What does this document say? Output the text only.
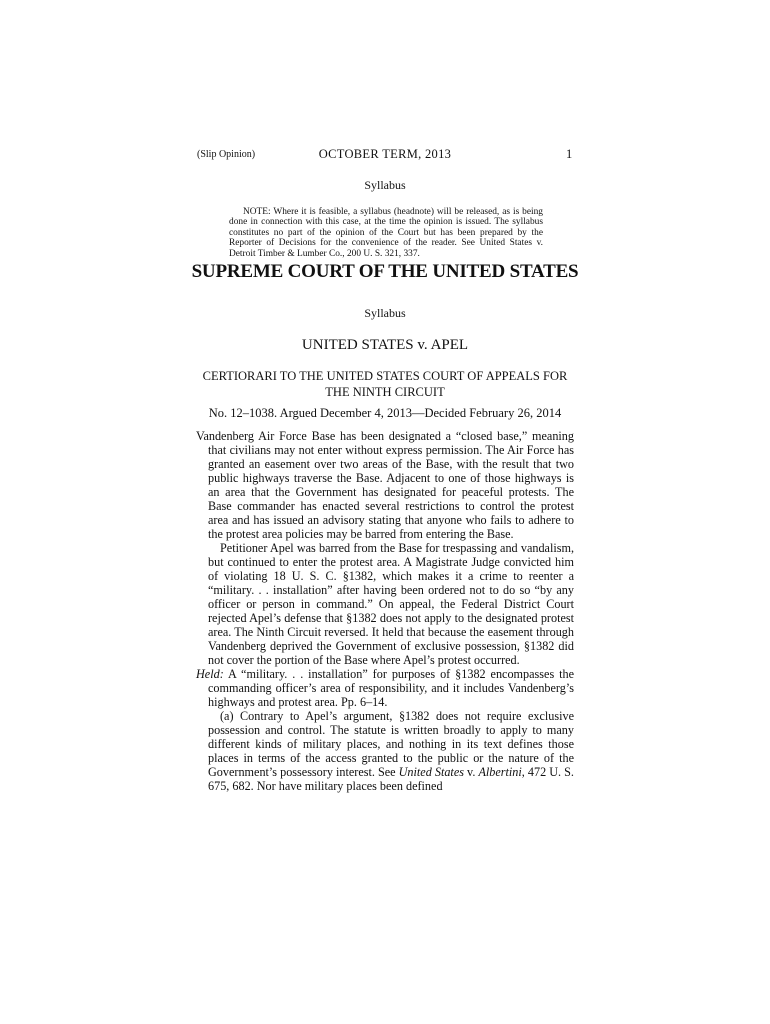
(Slip Opinion)	OCTOBER TERM, 2013	1
Syllabus
NOTE: Where it is feasible, a syllabus (headnote) will be released, as is being done in connection with this case, at the time the opinion is issued. The syllabus constitutes no part of the opinion of the Court but has been prepared by the Reporter of Decisions for the convenience of the reader. See United States v. Detroit Timber & Lumber Co., 200 U. S. 321, 337.
SUPREME COURT OF THE UNITED STATES
Syllabus
UNITED STATES v. APEL
CERTIORARI TO THE UNITED STATES COURT OF APPEALS FOR THE NINTH CIRCUIT
No. 12–1038. Argued December 4, 2013—Decided February 26, 2014

Vandenberg Air Force Base has been designated a “closed base,” meaning that civilians may not enter without express permission. The Air Force has granted an easement over two areas of the Base, with the result that two public highways traverse the Base. Adjacent to one of those highways is an area that the Government has designated for peaceful protests. The Base commander has enacted several restrictions to control the protest area and has issued an advisory stating that anyone who fails to adhere to the protest area policies may be barred from entering the Base.

Petitioner Apel was barred from the Base for trespassing and vandalism, but continued to enter the protest area. A Magistrate Judge convicted him of violating 18 U. S. C. §1382, which makes it a crime to reenter a “military. . . installation” after having been ordered not to do so “by any officer or person in command.” On appeal, the Federal District Court rejected Apel’s defense that §1382 does not apply to the designated protest area. The Ninth Circuit reversed. It held that because the easement through Vandenberg deprived the Government of exclusive possession, §1382 did not cover the portion of the Base where Apel’s protest occurred.

Held: A “military. . . installation” for purposes of §1382 encompasses the commanding officer’s area of responsibility, and it includes Vandenberg’s highways and protest area. Pp. 6–14.

(a) Contrary to Apel’s argument, §1382 does not require exclusive possession and control. The statute is written broadly to apply to many different kinds of military places, and nothing in its text defines those places in terms of the access granted to the public or the nature of the Government’s possessory interest. See United States v. Albertini, 472 U. S. 675, 682. Nor have military places been defined
